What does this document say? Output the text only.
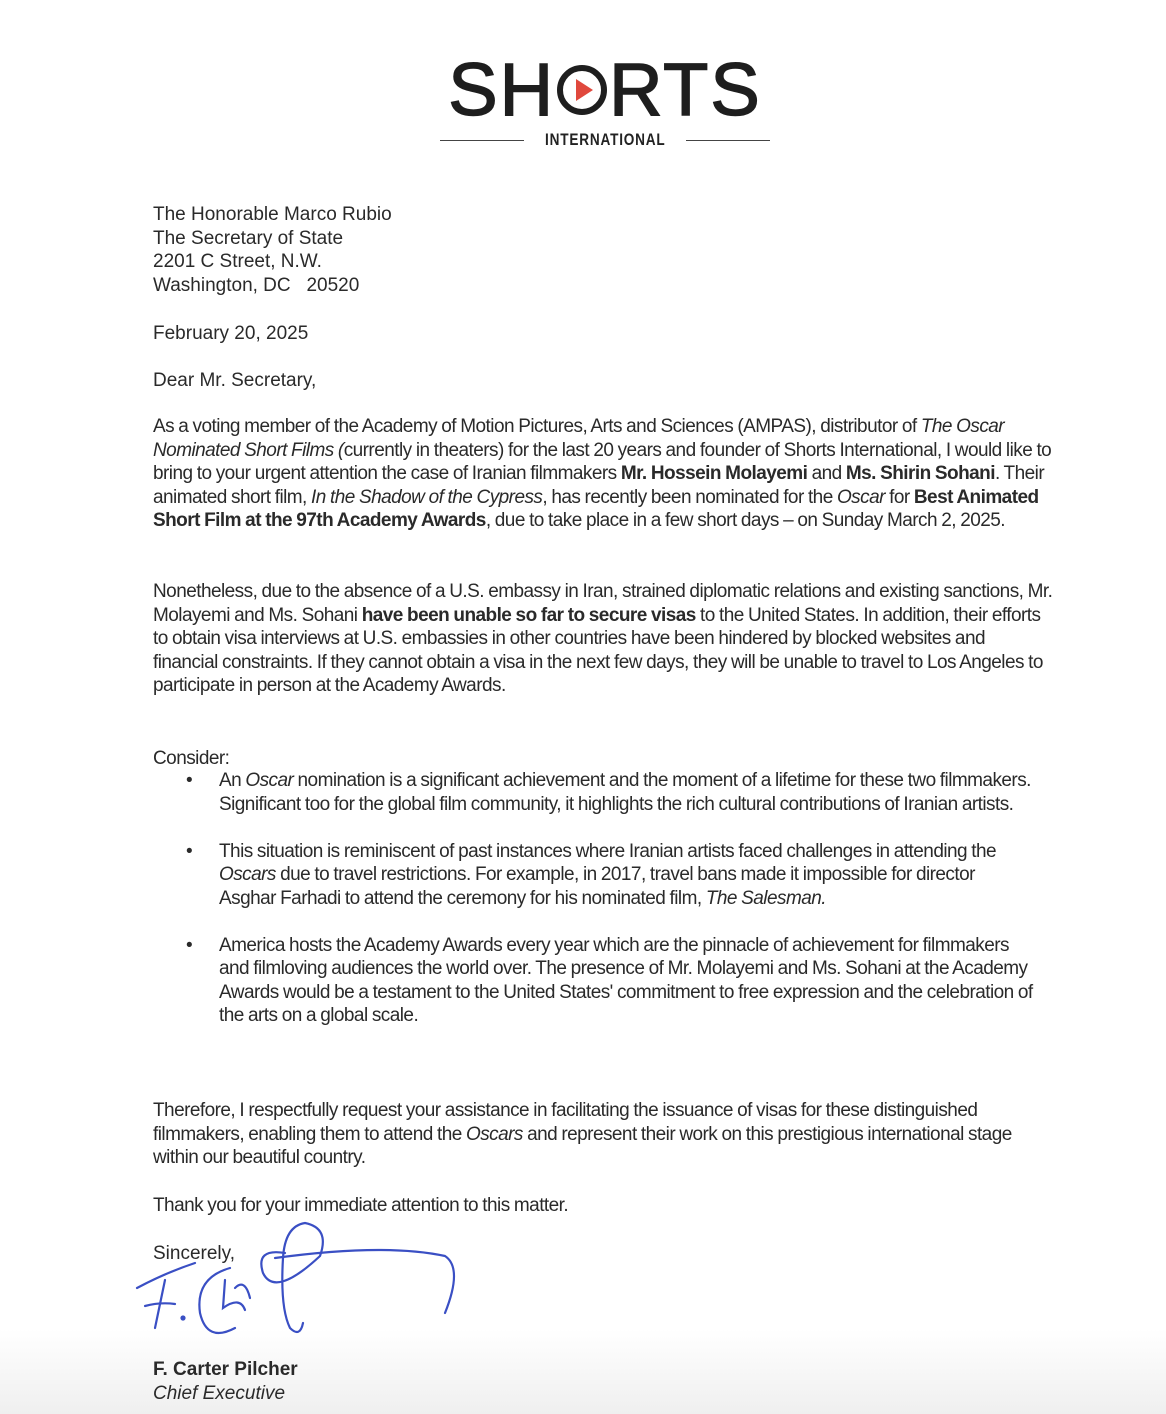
SH RTS
INTERNATIONAL
The Honorable Marco Rubio
The Secretary of State
2201 C Street, N.W.
Washington, DC   20520
February 20, 2025
Dear Mr. Secretary,
As a voting member of the Academy of Motion Pictures, Arts and Sciences (AMPAS), distributor of The Oscar Nominated Short Films (currently in theaters) for the last 20 years and founder of Shorts International, I would like to bring to your urgent attention the case of Iranian filmmakers Mr. Hossein Molayemi and Ms. Shirin Sohani. Their animated short film, In the Shadow of the Cypress, has recently been nominated for the Oscar for Best Animated Short Film at the 97th Academy Awards, due to take place in a few short days – on Sunday March 2, 2025.
Nonetheless, due to the absence of a U.S. embassy in Iran, strained diplomatic relations and existing sanctions, Mr. Molayemi and Ms. Sohani have been unable so far to secure visas to the United States. In addition, their efforts to obtain visa interviews at U.S. embassies in other countries have been hindered by blocked websites and financial constraints. If they cannot obtain a visa in the next few days, they will be unable to travel to Los Angeles to participate in person at the Academy Awards.
Consider:
• An Oscar nomination is a significant achievement and the moment of a lifetime for these two filmmakers. Significant too for the global film community, it highlights the rich cultural contributions of Iranian artists.
• This situation is reminiscent of past instances where Iranian artists faced challenges in attending the Oscars due to travel restrictions. For example, in 2017, travel bans made it impossible for director Asghar Farhadi to attend the ceremony for his nominated film, The Salesman.
• America hosts the Academy Awards every year which are the pinnacle of achievement for filmmakers and filmloving audiences the world over. The presence of Mr. Molayemi and Ms. Sohani at the Academy Awards would be a testament to the United States' commitment to free expression and the celebration of the arts on a global scale.
Therefore, I respectfully request your assistance in facilitating the issuance of visas for these distinguished filmmakers, enabling them to attend the Oscars and represent their work on this prestigious international stage within our beautiful country.
Thank you for your immediate attention to this matter.
Sincerely,
F. Carter Pilcher
Chief Executive
